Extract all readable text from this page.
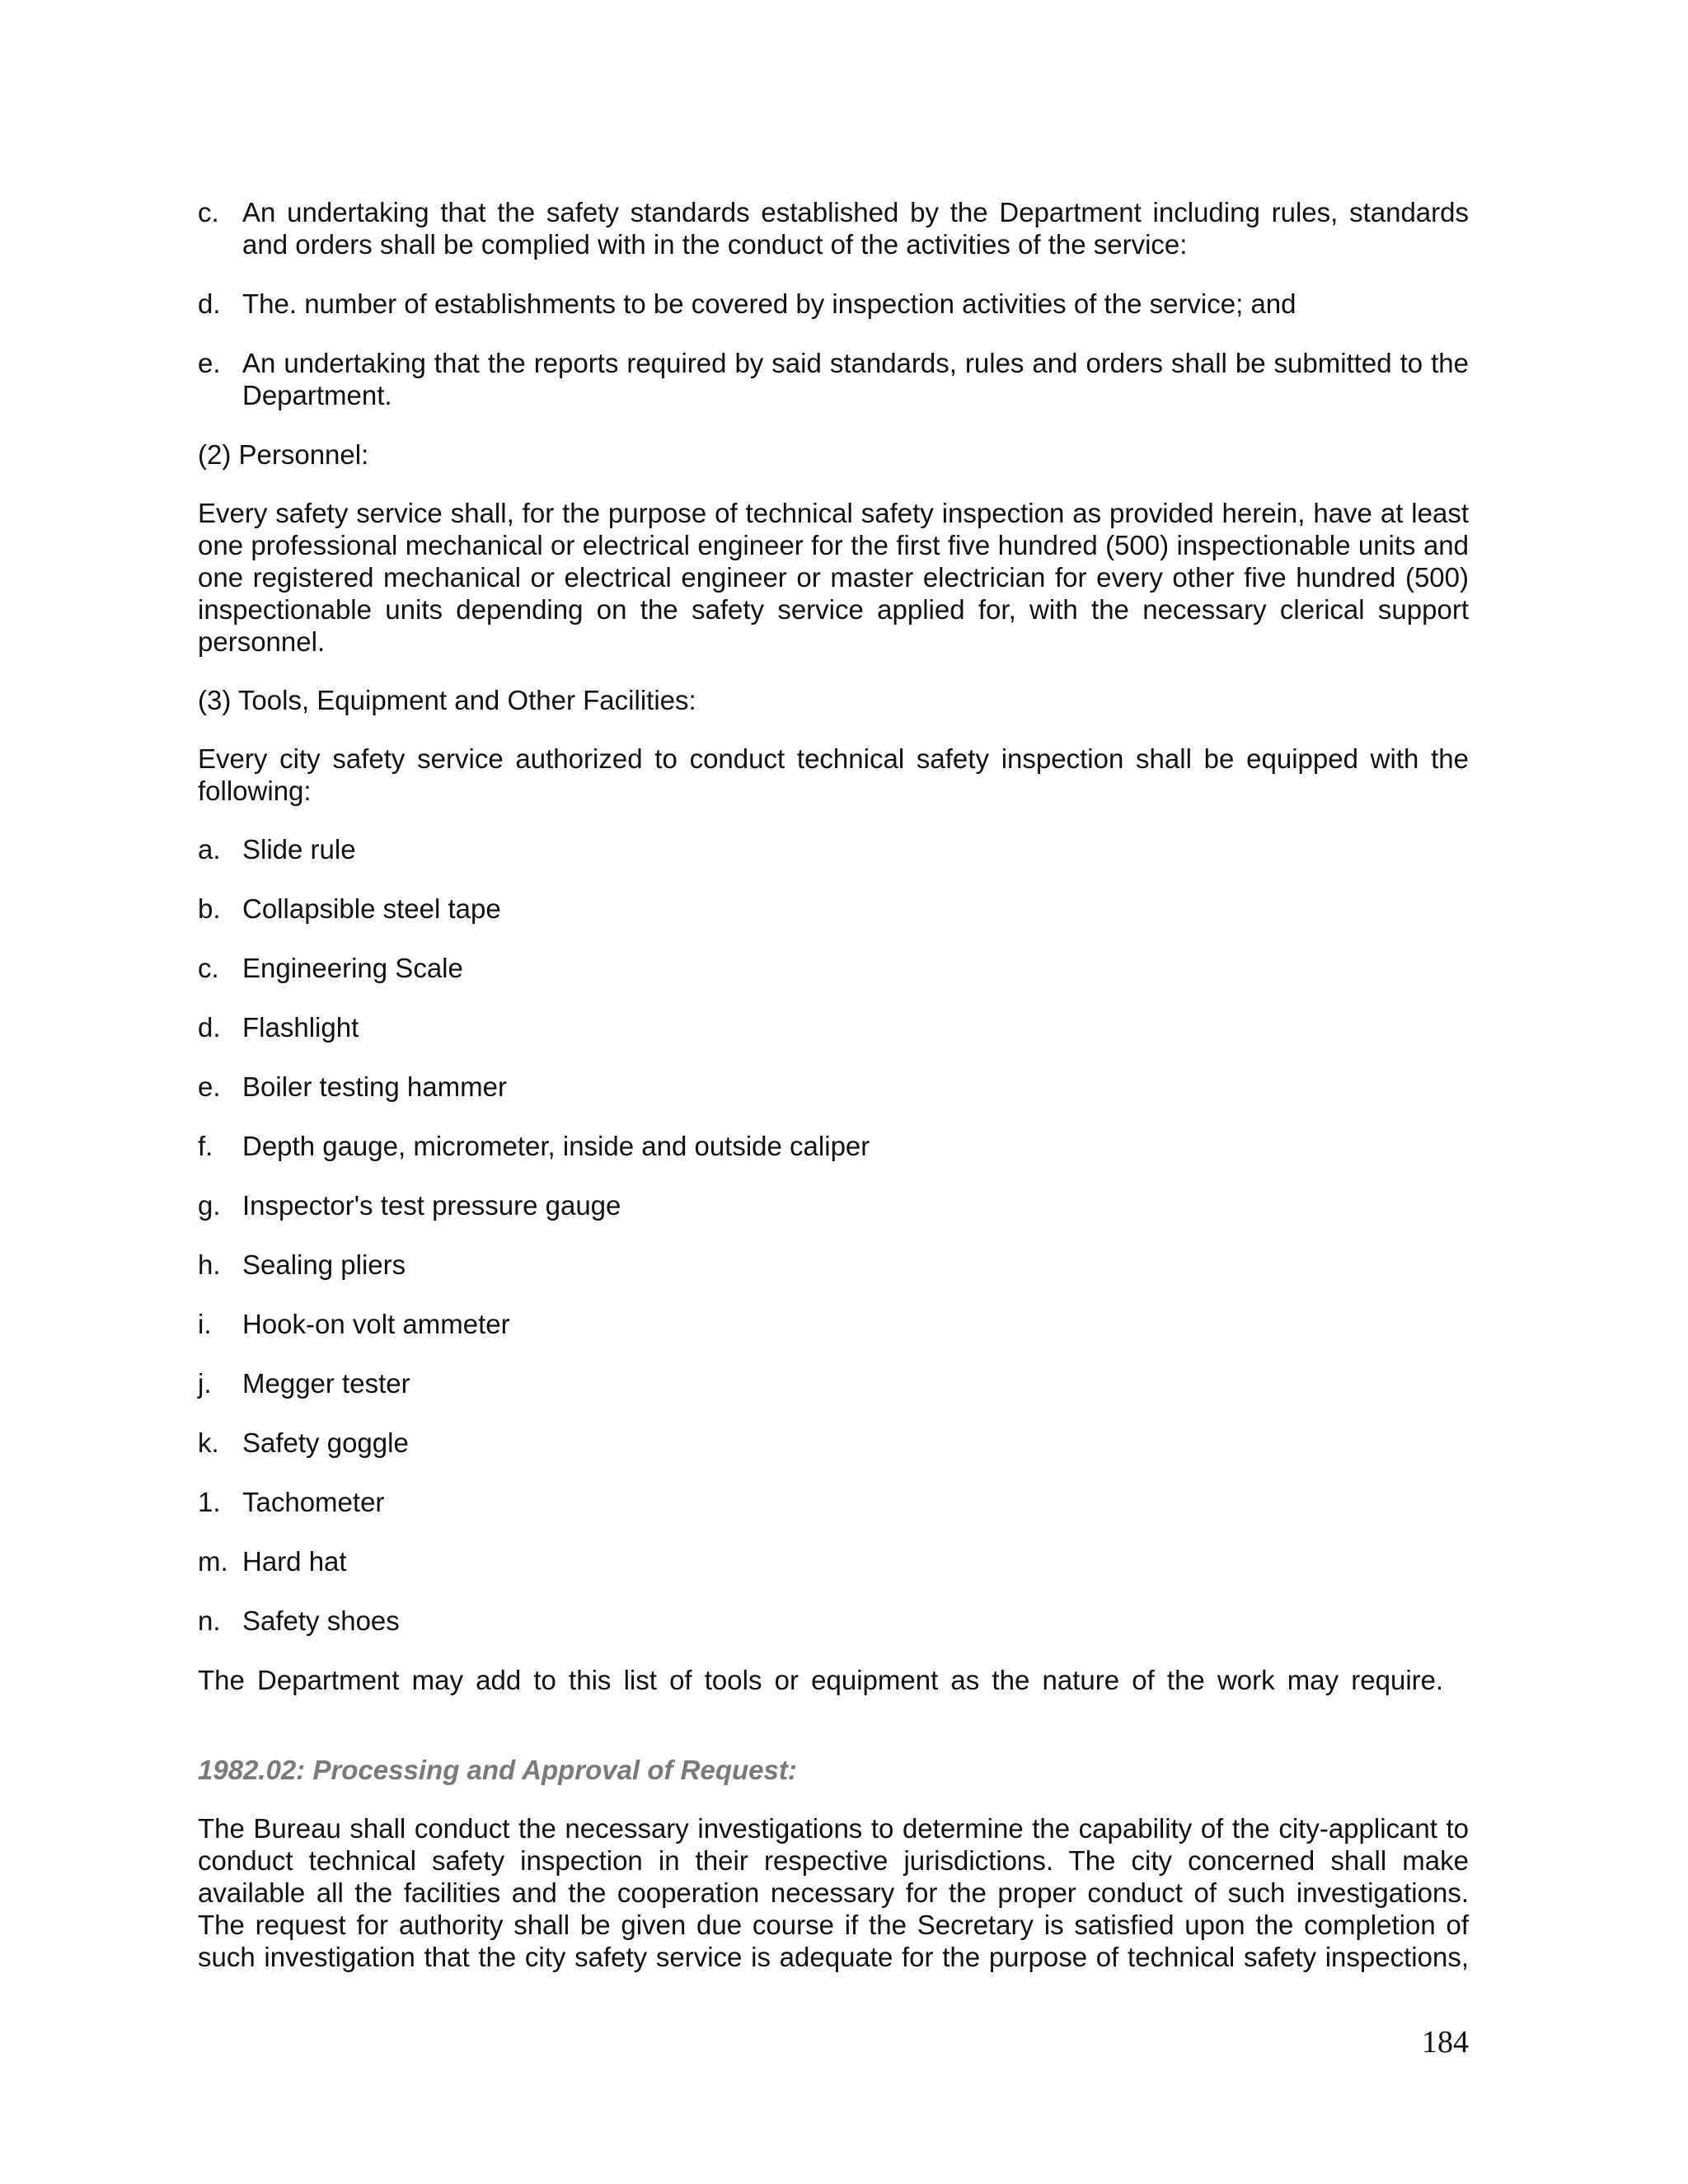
c. An undertaking that the safety standards established by the Department including rules, standards and orders shall be complied with in the conduct of the activities of the service:
d. The. number of establishments to be covered by inspection activities of the service; and
e. An undertaking that the reports required by said standards, rules and orders shall be submitted to the Department.

(2) Personnel:

Every safety service shall, for the purpose of technical safety inspection as provided herein, have at least one professional mechanical or electrical engineer for the first five hundred (500) inspectionable units and one registered mechanical or electrical engineer or master electrician for every other five hundred (500) inspectionable units depending on the safety service applied for, with the necessary clerical support personnel.

(3) Tools, Equipment and Other Facilities:

Every city safety service authorized to conduct technical safety inspection shall be equipped with the following:

a. Slide rule
b. Collapsible steel tape
c. Engineering Scale
d. Flashlight
e. Boiler testing hammer
f.	Depth gauge, micrometer, inside and outside caliper
g. Inspector's test pressure gauge
h. Sealing pliers
i.	Hook-on volt ammeter
j.	Megger tester
k. Safety goggle
1. Tachometer
m. Hard hat
n. Safety shoes

The Department may add to this list of tools or equipment as the nature of the work may require.

1982.02: Processing and Approval of Request:

The Bureau shall conduct the necessary investigations to determine the capability of the city-applicant to conduct technical safety inspection in their respective jurisdictions. The city concerned shall make available all the facilities and the cooperation necessary for the proper conduct of such investigations. The request for authority shall be given due course if the Secretary is satisfied upon the completion of such investigation that the city safety service is adequate for the purpose of technical safety inspections,

184
